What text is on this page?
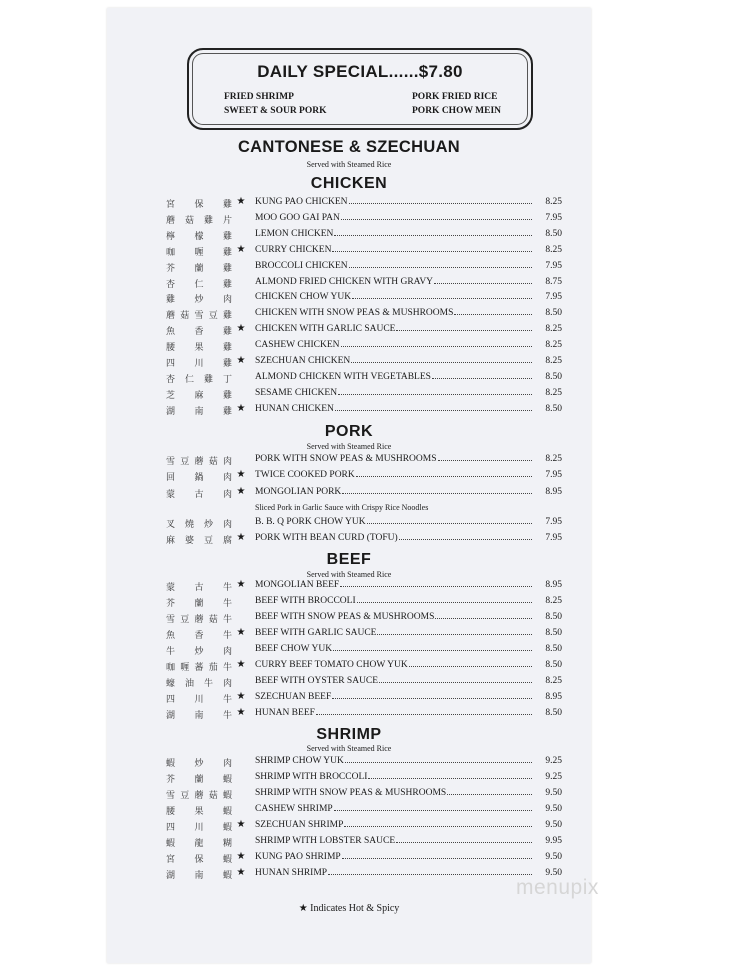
DAILY SPECIAL......$7.80
FRIED SHRIMP
SWEET & SOUR PORK
PORK FRIED RICE
PORK CHOW MEIN
CANTONESE & SZECHUAN
Served with Steamed Rice
CHICKEN
宮 保 雞 ★ KUNG PAO CHICKEN	8.25
蘑 菇 雞 片 MOO GOO GAI PAN	7.95
檸 檬 雞 LEMON CHICKEN	8.50
咖 喱 雞 ★ CURRY CHICKEN	8.25
芥 蘭 雞 BROCCOLI CHICKEN	7.95
杏 仁 雞 ALMOND FRIED CHICKEN WITH GRAVY	8.75
雞 炒 肉 CHICKEN CHOW YUK	7.95
蘑 菇 雪 豆 雞 CHICKEN WITH SNOW PEAS & MUSHROOMS	8.50
魚 香 雞 ★ CHICKEN WITH GARLIC SAUCE	8.25
腰 果 雞 CASHEW CHICKEN	8.25
四 川 雞 ★ SZECHUAN CHICKEN	8.25
杏 仁 雞 丁 ALMOND CHICKEN WITH VEGETABLES	8.50
芝 麻 雞 SESAME CHICKEN	8.25
湖 南 雞 ★ HUNAN CHICKEN	8.50
PORK
Served with Steamed Rice
雪 豆 蘑 菇 肉 PORK WITH SNOW PEAS & MUSHROOMS	8.25
回 鍋 肉 ★ TWICE COOKED PORK	7.95
蒙 古 肉 ★ MONGOLIAN PORK	8.95
Sliced Pork in Garlic Sauce with Crispy Rice Noodles
叉 燒 炒 肉 B. B. Q PORK CHOW YUK	7.95
麻 婆 豆 腐 ★ PORK WITH BEAN CURD (TOFU)	7.95
BEEF
Served with Steamed Rice
蒙 古 牛 ★ MONGOLIAN BEEF	8.95
芥 蘭 牛 BEEF WITH BROCCOLI	8.25
雪 豆 蘑 菇 牛 BEEF WITH SNOW PEAS & MUSHROOMS	8.50
魚 香 牛 ★ BEEF WITH GARLIC SAUCE	8.50
牛 炒 肉 BEEF CHOW YUK	8.50
咖 喱 蕃 茄 牛 ★ CURRY BEEF TOMATO CHOW YUK	8.50
蠔 油 牛 肉 BEEF WITH OYSTER SAUCE	8.25
四 川 牛 ★ SZECHUAN BEEF	8.95
湖 南 牛 ★ HUNAN BEEF	8.50
SHRIMP
Served with Steamed Rice
蝦 炒 肉 SHRIMP CHOW YUK	9.25
芥 蘭 蝦 SHRIMP WITH BROCCOLI	9.25
雪 豆 蘑 菇 蝦 SHRIMP WITH SNOW PEAS & MUSHROOMS	9.50
腰 果 蝦 CASHEW SHRIMP	9.50
四 川 蝦 ★ SZECHUAN SHRIMP	9.50
蝦 龍 糊 SHRIMP WITH LOBSTER SAUCE	9.95
宮 保 蝦 ★ KUNG PAO SHRIMP	9.50
湖 南 蝦 ★ HUNAN SHRIMP	9.50
★ Indicates Hot & Spicy
menupix
